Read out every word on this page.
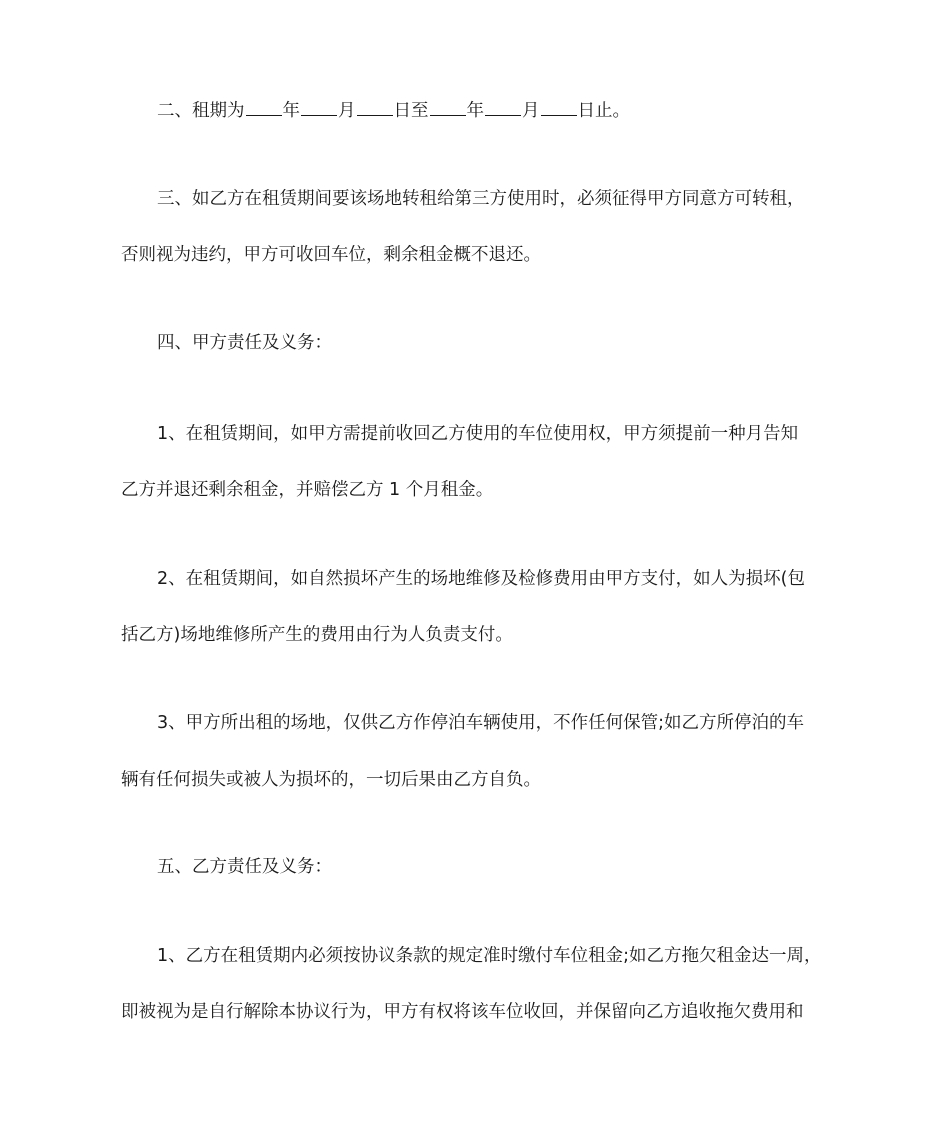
二、租期为 年 月 日至 年 月 日止。
三、如乙方在租赁期间要该场地转租给第三方使用时，必须征得甲方同意方可转租，
否则视为违约，甲方可收回车位，剩余租金概不退还。
四、甲方责任及义务：
1、在租赁期间，如甲方需提前收回乙方使用的车位使用权，甲方须提前一种月告知
乙方并退还剩余租金，并赔偿乙方 1 个月租金。
2、在租赁期间，如自然损坏产生的场地维修及检修费用由甲方支付，如人为损坏(包
括乙方)场地维修所产生的费用由行为人负责支付。
3、甲方所出租的场地，仅供乙方作停泊车辆使用，不作任何保管;如乙方所停泊的车
辆有任何损失或被人为损坏的，一切后果由乙方自负。
五、乙方责任及义务：
1、乙方在租赁期内必须按协议条款的规定准时缴付车位租金;如乙方拖欠租金达一周，
即被视为是自行解除本协议行为，甲方有权将该车位收回，并保留向乙方追收拖欠费用和
